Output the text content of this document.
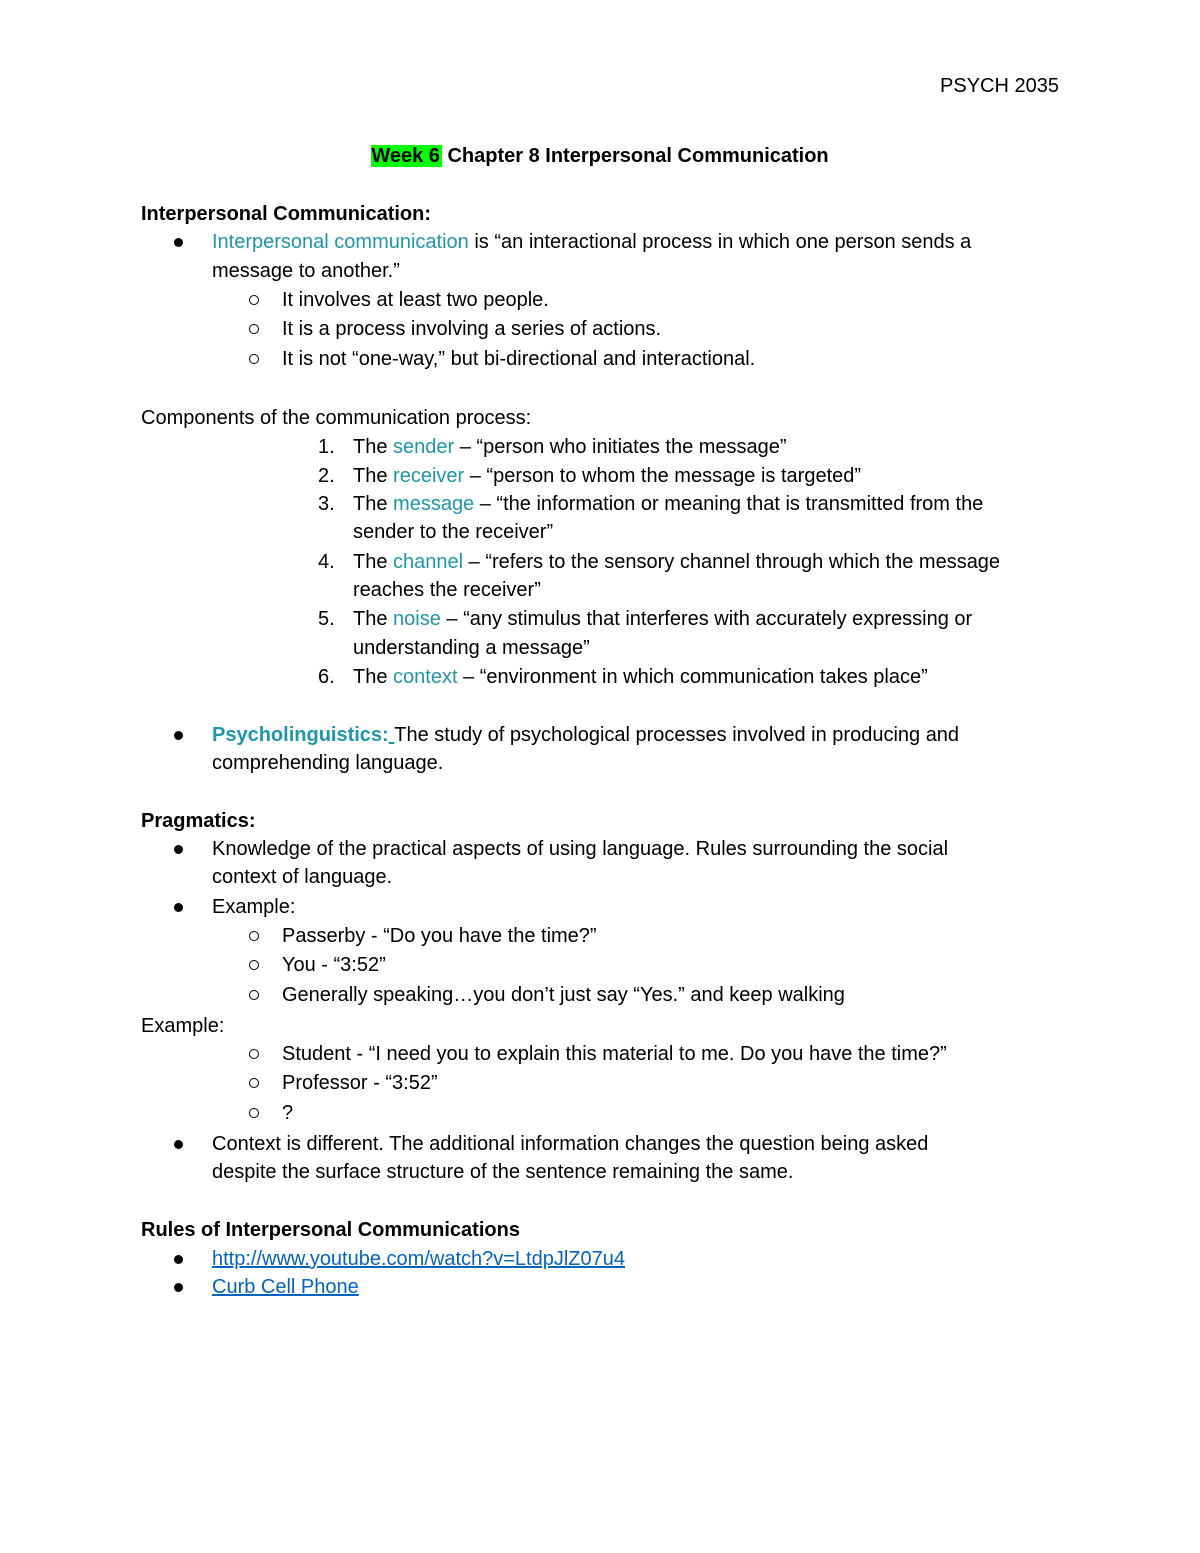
PSYCH 2035
Week 6 Chapter 8 Interpersonal Communication
Interpersonal Communication:
Interpersonal communication is “an interactional process in which one person sends a
message to another.”
It involves at least two people.
It is a process involving a series of actions.
It is not “one-way,” but bi-directional and interactional.
Components of the communication process:
1. The sender – “person who initiates the message”
2. The receiver – “person to whom the message is targeted”
3. The message – “the information or meaning that is transmitted from the
sender to the receiver”
4. The channel – “refers to the sensory channel through which the message
reaches the receiver”
5. The noise – “any stimulus that interferes with accurately expressing or
understanding a message”
6. The context – “environment in which communication takes place”
Psycholinguistics: The study of psychological processes involved in producing and
comprehending language.
Pragmatics:
Knowledge of the practical aspects of using language. Rules surrounding the social
context of language.
Example:
Passerby - “Do you have the time?”
You - “3:52”
Generally speaking…you don’t just say “Yes.” and keep walking
Example:
Student - “I need you to explain this material to me. Do you have the time?”
Professor - “3:52”
?
Context is different. The additional information changes the question being asked
despite the surface structure of the sentence remaining the same.
Rules of Interpersonal Communications
http://www.youtube.com/watch?v=LtdpJlZ07u4
Curb Cell Phone
